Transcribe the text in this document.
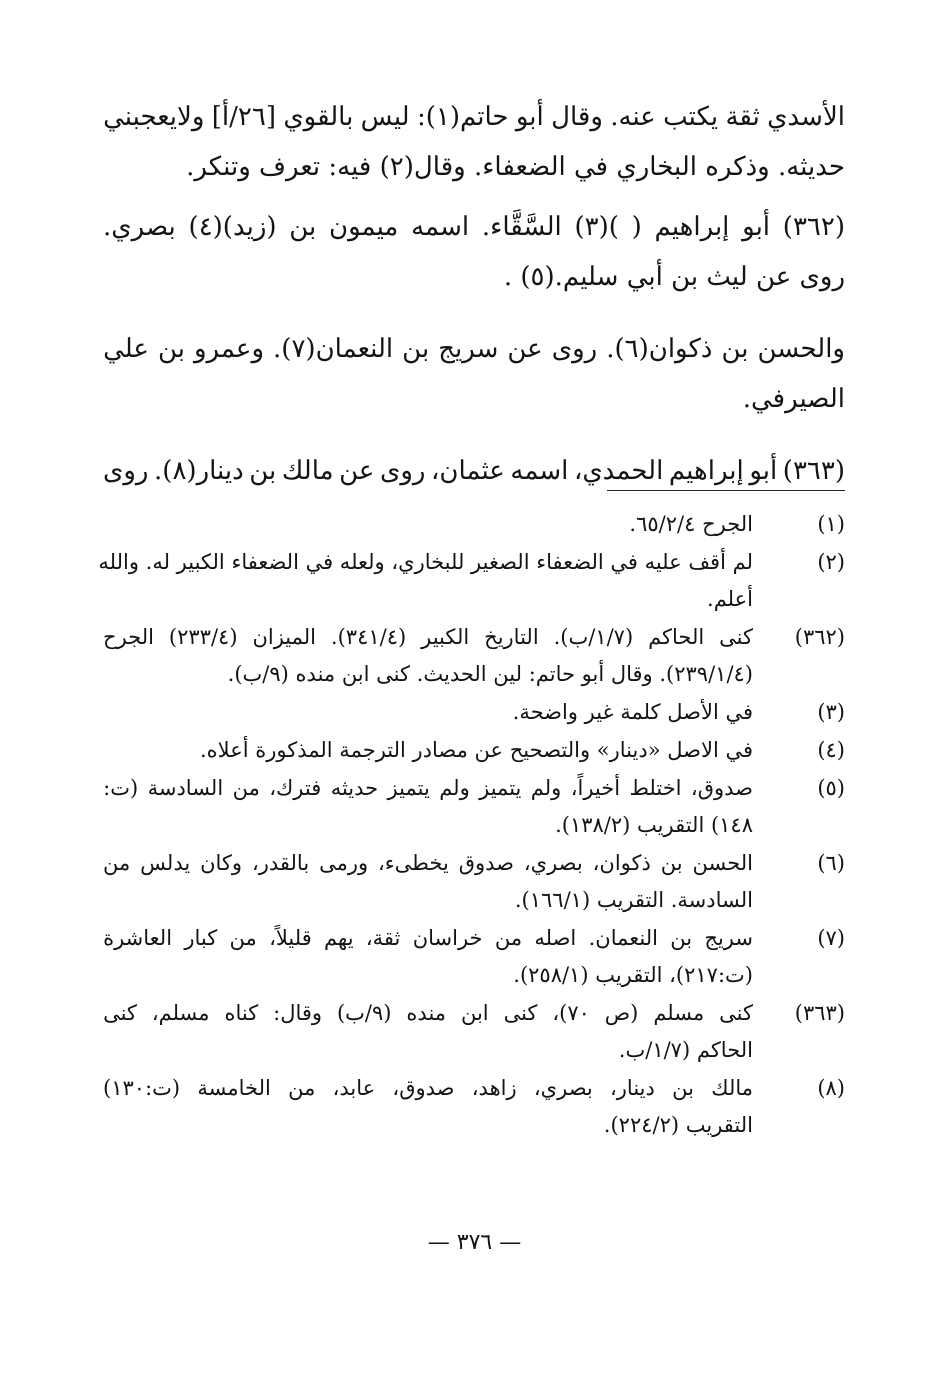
الأسدي
ثقة
يكتب
عنه.
وقال
أبو
حاتم(١):
ليس
بالقوي
[٢٦/أ]
ولايعجبني
حديثه. وذكره البخاري في الضعفاء. وقال(٢) فيه: تعرف وتنكر.

(٣٦٢)
أبو
إبراهيم
(
)(٣)
السَّقَّاء.
اسمه
ميمون
بن
(زيد)(٤)
بصري.
روى عن ليث بن أبي سليم.(٥) .

والحسن
بن
ذكوان(٦).
روى
عن
سريج
بن
النعمان(٧).
وعمرو
بن
علي
الصيرفي.

(٣٦٣)
أبو
إبراهيم
الحمدي،
اسمه
عثمان،
روى
عن
مالك
بن
دينار(٨).
روى

(١)
الجرح ٦٥/٢/٤.
(٢)
لم أقف عليه في الضعفاء الصغير للبخاري، ولعله في الضعفاء الكبير له. والله
أعلم.
(٣٦٢)
كنى
الحاكم
(١/٧/ب).
التاريخ
الكبير
(٣٤١/٤).
الميزان
(٢٣٣/٤)
الجرح
(٢٣٩/١/٤). وقال أبو حاتم: لين الحديث. كنى ابن منده (٩/ب).
(٣)
في الأصل كلمة غير واضحة.
(٤)
في الاصل «دينار» والتصحيح عن مصادر الترجمة المذكورة أعلاه.
(٥)
صدوق،
اختلط
أخيراً،
ولم
يتميز
ولم
يتميز
حديثه
فترك،
من
السادسة
(ت:
١٤٨) التقريب (١٣٨/٢).
(٦)
الحسن
بن
ذكوان،
بصري،
صدوق
يخطىء،
ورمى
بالقدر،
وكان
يدلس
من
السادسة. التقريب (١٦٦/١).
(٧)
سريج
بن
النعمان.
اصله
من
خراسان
ثقة،
يهم
قليلاً،
من
كبار
العاشرة
(ت:٢١٧)، التقريب (٢٥٨/١).
(٣٦٣)
كنى
مسلم
(ص
٧٠)،
كنى
ابن
منده
(٩/ب)
وقال:
كناه
مسلم،
كنى
الحاكم (١/٧/ب.
(٨)
مالك
بن
دينار،
بصري،
زاهد،
صدوق،
عابد،
من
الخامسة
(ت:١٣٠)
التقريب (٢٢٤/٢).
— ٣٧٦ —
